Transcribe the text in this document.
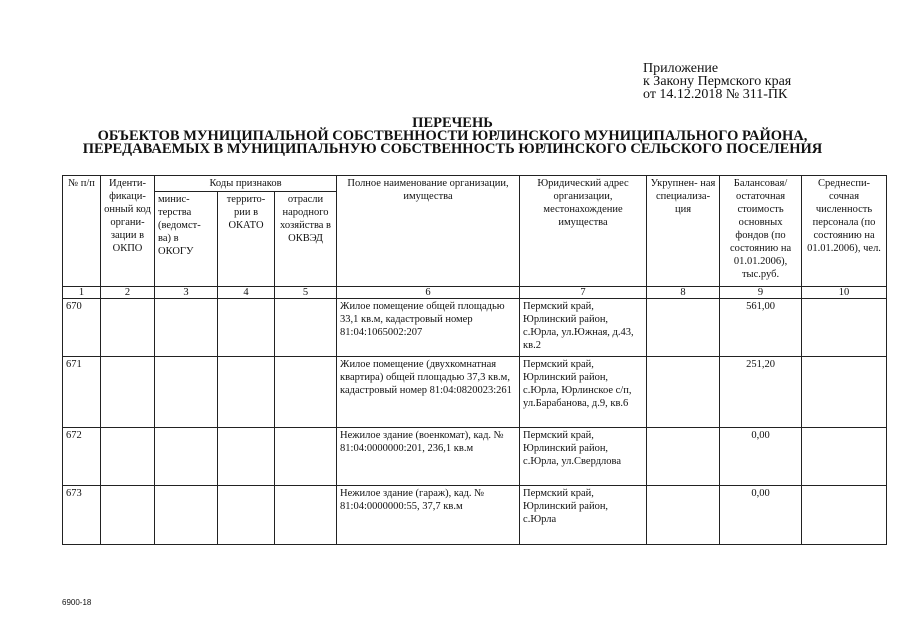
Приложение
к Закону Пермского края
от 14.12.2018 № 311-ПК
ПЕРЕЧЕНЬ
ОБЪЕКТОВ МУНИЦИПАЛЬНОЙ СОБСТВЕННОСТИ ЮРЛИНСКОГО МУНИЦИПАЛЬНОГО РАЙОНА,
ПЕРЕДАВАЕМЫХ В МУНИЦИПАЛЬНУЮ СОБСТВЕННОСТЬ ЮРЛИНСКОГО СЕЛЬСКОГО ПОСЕЛЕНИЯ
№ п/п	Иденти- фикаци- онный код органи- зации в ОКПО	Коды признаков			Полное наименование организации, имущества	Юридический адрес организации, местонахождение имущества	Укрупнен- ная специализа- ция	Балансовая/ остаточная стоимость основных фондов (по состоянию на 01.01.2006), тыс.руб.	Среднеспи- сочная численность персонала (по состоянию на 01.01.2006), чел.
		минис- терства (ведомст- ва) в ОКОГУ	террито- рии в ОКАТО	отрасли народного хозяйства в ОКВЭД					
1	2	3	4	5	6	7	8	9	10
670					Жилое помещение общей площадью 33,1 кв.м, кадастровый номер 81:04:1065002:207	Пермский край, Юрлинский район, с.Юрла, ул.Южная, д.43, кв.2		561,00	
671					Жилое помещение (двухкомнатная квартира) общей площадью 37,3 кв.м, кадастровый номер 81:04:0820023:261	Пермский край, Юрлинский район, с.Юрла, Юрлинское с/п, ул.Барабанова, д.9, кв.6		251,20	
672					Нежилое здание (военкомат), кад. № 81:04:0000000:201, 236,1 кв.м	Пермский край, Юрлинский район, с.Юрла, ул.Свердлова		0,00	
673					Нежилое здание (гараж), кад. № 81:04:0000000:55, 37,7 кв.м	Пермский край, Юрлинский район, с.Юрла		0,00	
6900-18
